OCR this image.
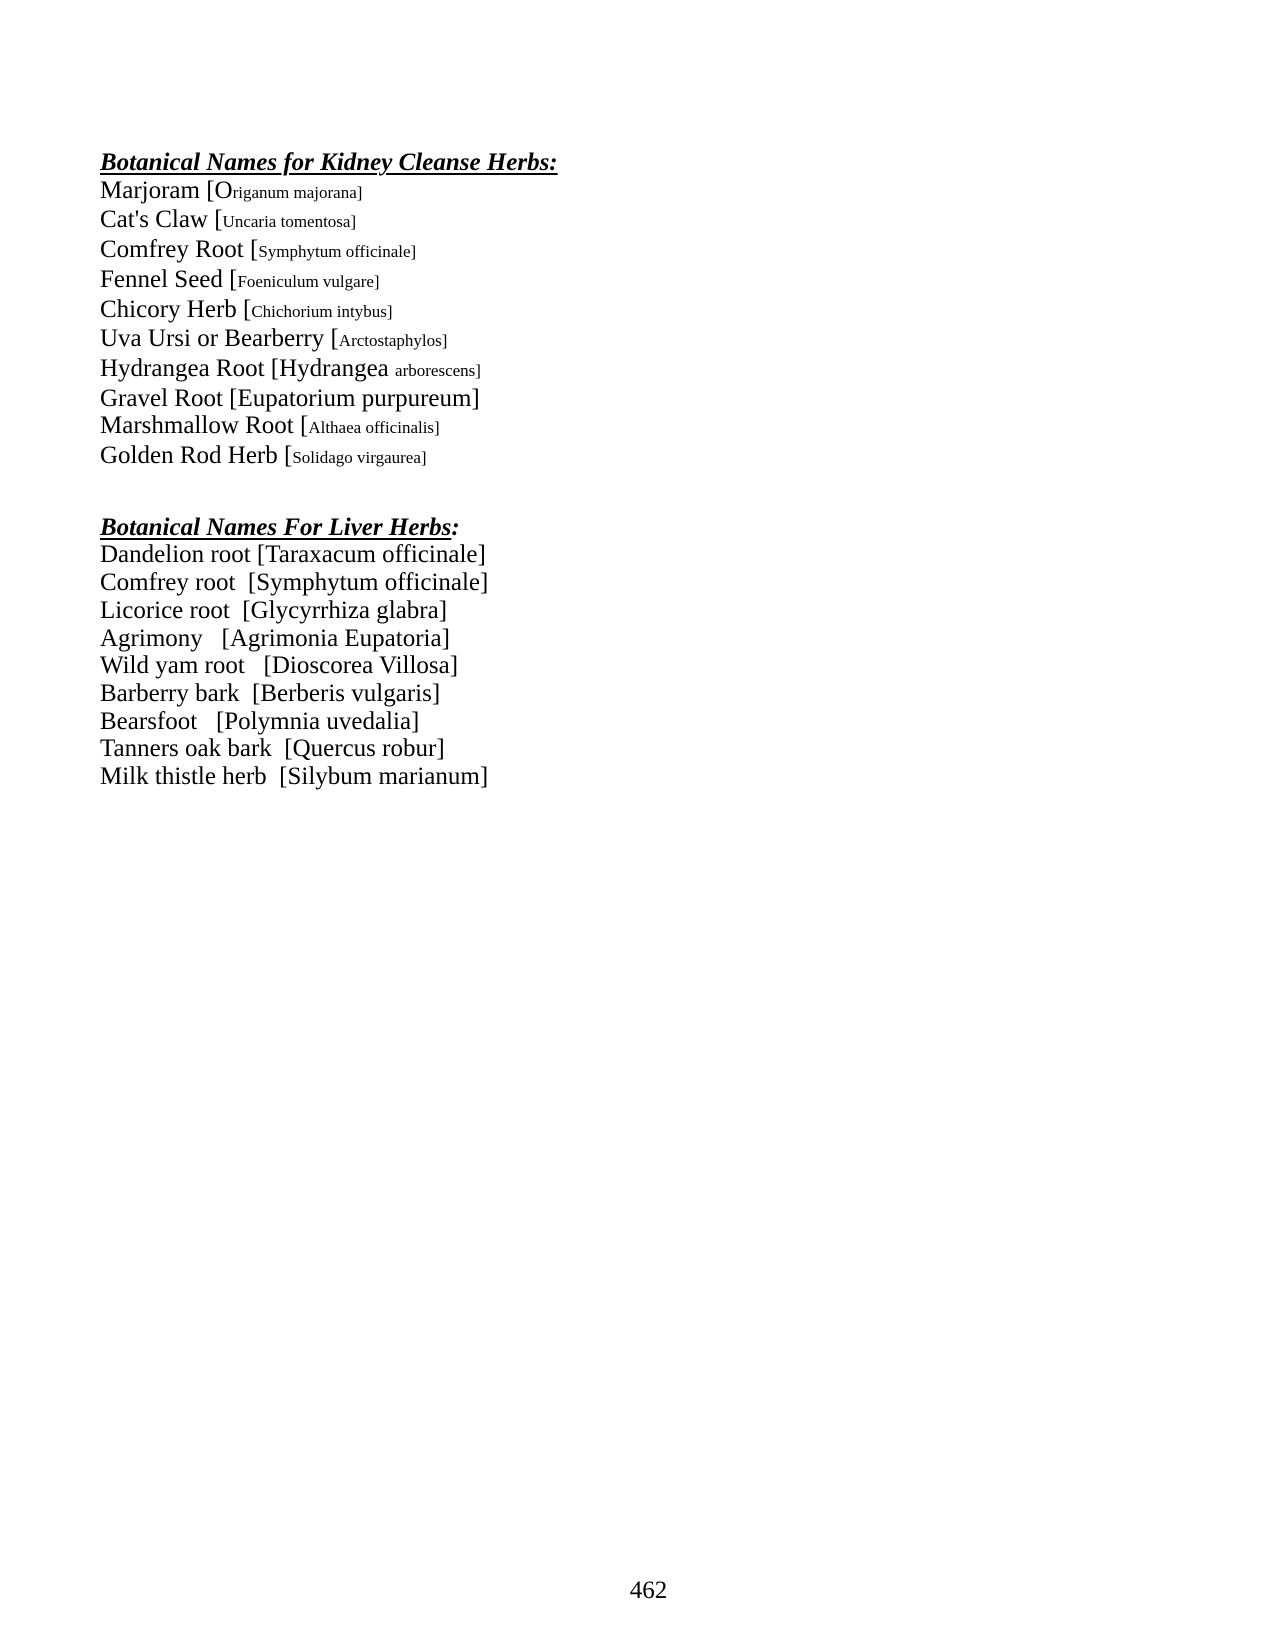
Botanical Names for Kidney Cleanse Herbs:
Marjoram [Origanum majorana]
Cat's Claw [Uncaria tomentosa]
Comfrey Root [Symphytum officinale]
Fennel Seed [Foeniculum vulgare]
Chicory Herb [Chichorium intybus]
Uva Ursi or Bearberry [Arctostaphylos]
Hydrangea Root [Hydrangea arborescens]
Gravel Root [Eupatorium purpureum]
Marshmallow Root [Althaea officinalis]
Golden Rod Herb [Solidago virgaurea]
Botanical Names For Liver Herbs:
Dandelion root [Taraxacum officinale]
Comfrey root  [Symphytum officinale]
Licorice root  [Glycyrrhiza glabra]
Agrimony   [Agrimonia Eupatoria]
Wild yam root   [Dioscorea Villosa]
Barberry bark  [Berberis vulgaris]
Bearsfoot   [Polymnia uvedalia]
Tanners oak bark  [Quercus robur]
Milk thistle herb  [Silybum marianum]
462
